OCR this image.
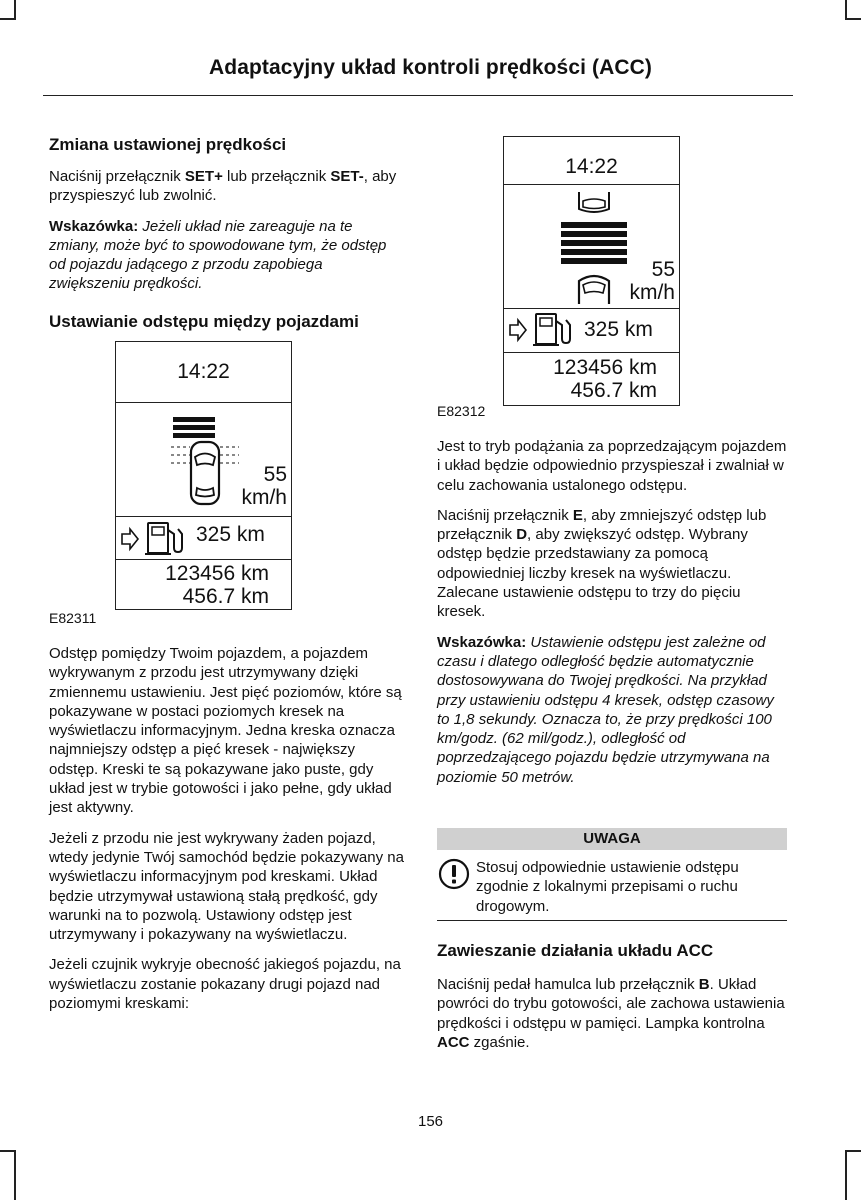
Adaptacyjny układ kontroli prędkości (ACC)
Zmiana ustawionej prędkości

Naciśnij przełącznik SET+ lub przełącznik SET-, aby przyspieszyć lub zwolnić.

Wskazówka: Jeżeli układ nie zareaguje na te zmiany, może być to spowodowane tym, że odstęp od pojazdu jadącego z przodu zapobiega zwiększeniu prędkości.

Ustawianie odstępu między pojazdami
14:22
55
km/h
325 km
123456 km
456.7 km
E82311

Odstęp pomiędzy Twoim pojazdem, a pojazdem wykrywanym z przodu jest utrzymywany dzięki zmiennemu ustawieniu. Jest pięć poziomów, które są pokazywane w postaci poziomych kresek na wyświetlaczu informacyjnym. Jedna kreska oznacza najmniejszy odstęp a pięć kresek - największy odstęp. Kreski te są pokazywane jako puste, gdy układ jest w trybie gotowości i jako pełne, gdy układ jest aktywny.

Jeżeli z przodu nie jest wykrywany żaden pojazd, wtedy jedynie Twój samochód będzie pokazywany na wyświetlaczu informacyjnym pod kreskami. Układ będzie utrzymywał ustawioną stałą prędkość, gdy warunki na to pozwolą. Ustawiony odstęp jest utrzymywany i pokazywany na wyświetlaczu.

Jeżeli czujnik wykryje obecność jakiegoś pojazdu, na wyświetlaczu zostanie pokazany drugi pojazd nad poziomymi kreskami:

14:22
55
km/h
325 km
123456 km
456.7 km
E82312

Jest to tryb podążania za poprzedzającym pojazdem i układ będzie odpowiednio przyspieszał i zwalniał w celu zachowania ustalonego odstępu.

Naciśnij przełącznik E, aby zmniejszyć odstęp lub przełącznik D, aby zwiększyć odstęp. Wybrany odstęp będzie przedstawiany za pomocą odpowiedniej liczby kresek na wyświetlaczu. Zalecane ustawienie odstępu to trzy do pięciu kresek.

Wskazówka: Ustawienie odstępu jest zależne od czasu i dlatego odległość będzie automatycznie dostosowywana do Twojej prędkości. Na przykład przy ustawieniu odstępu 4 kresek, odstęp czasowy to 1,8 sekundy. Oznacza to, że przy prędkości 100 km/godz. (62 mil/godz.), odległość od poprzedzającego pojazdu będzie utrzymywana na poziomie 50 metrów.

UWAGA

Stosuj odpowiednie ustawienie odstępu zgodnie z lokalnymi przepisami o ruchu drogowym.

Zawieszanie działania układu ACC

Naciśnij pedał hamulca lub przełącznik B. Układ powróci do trybu gotowości, ale zachowa ustawienia prędkości i odstępu w pamięci. Lampka kontrolna ACC zgaśnie.

156
